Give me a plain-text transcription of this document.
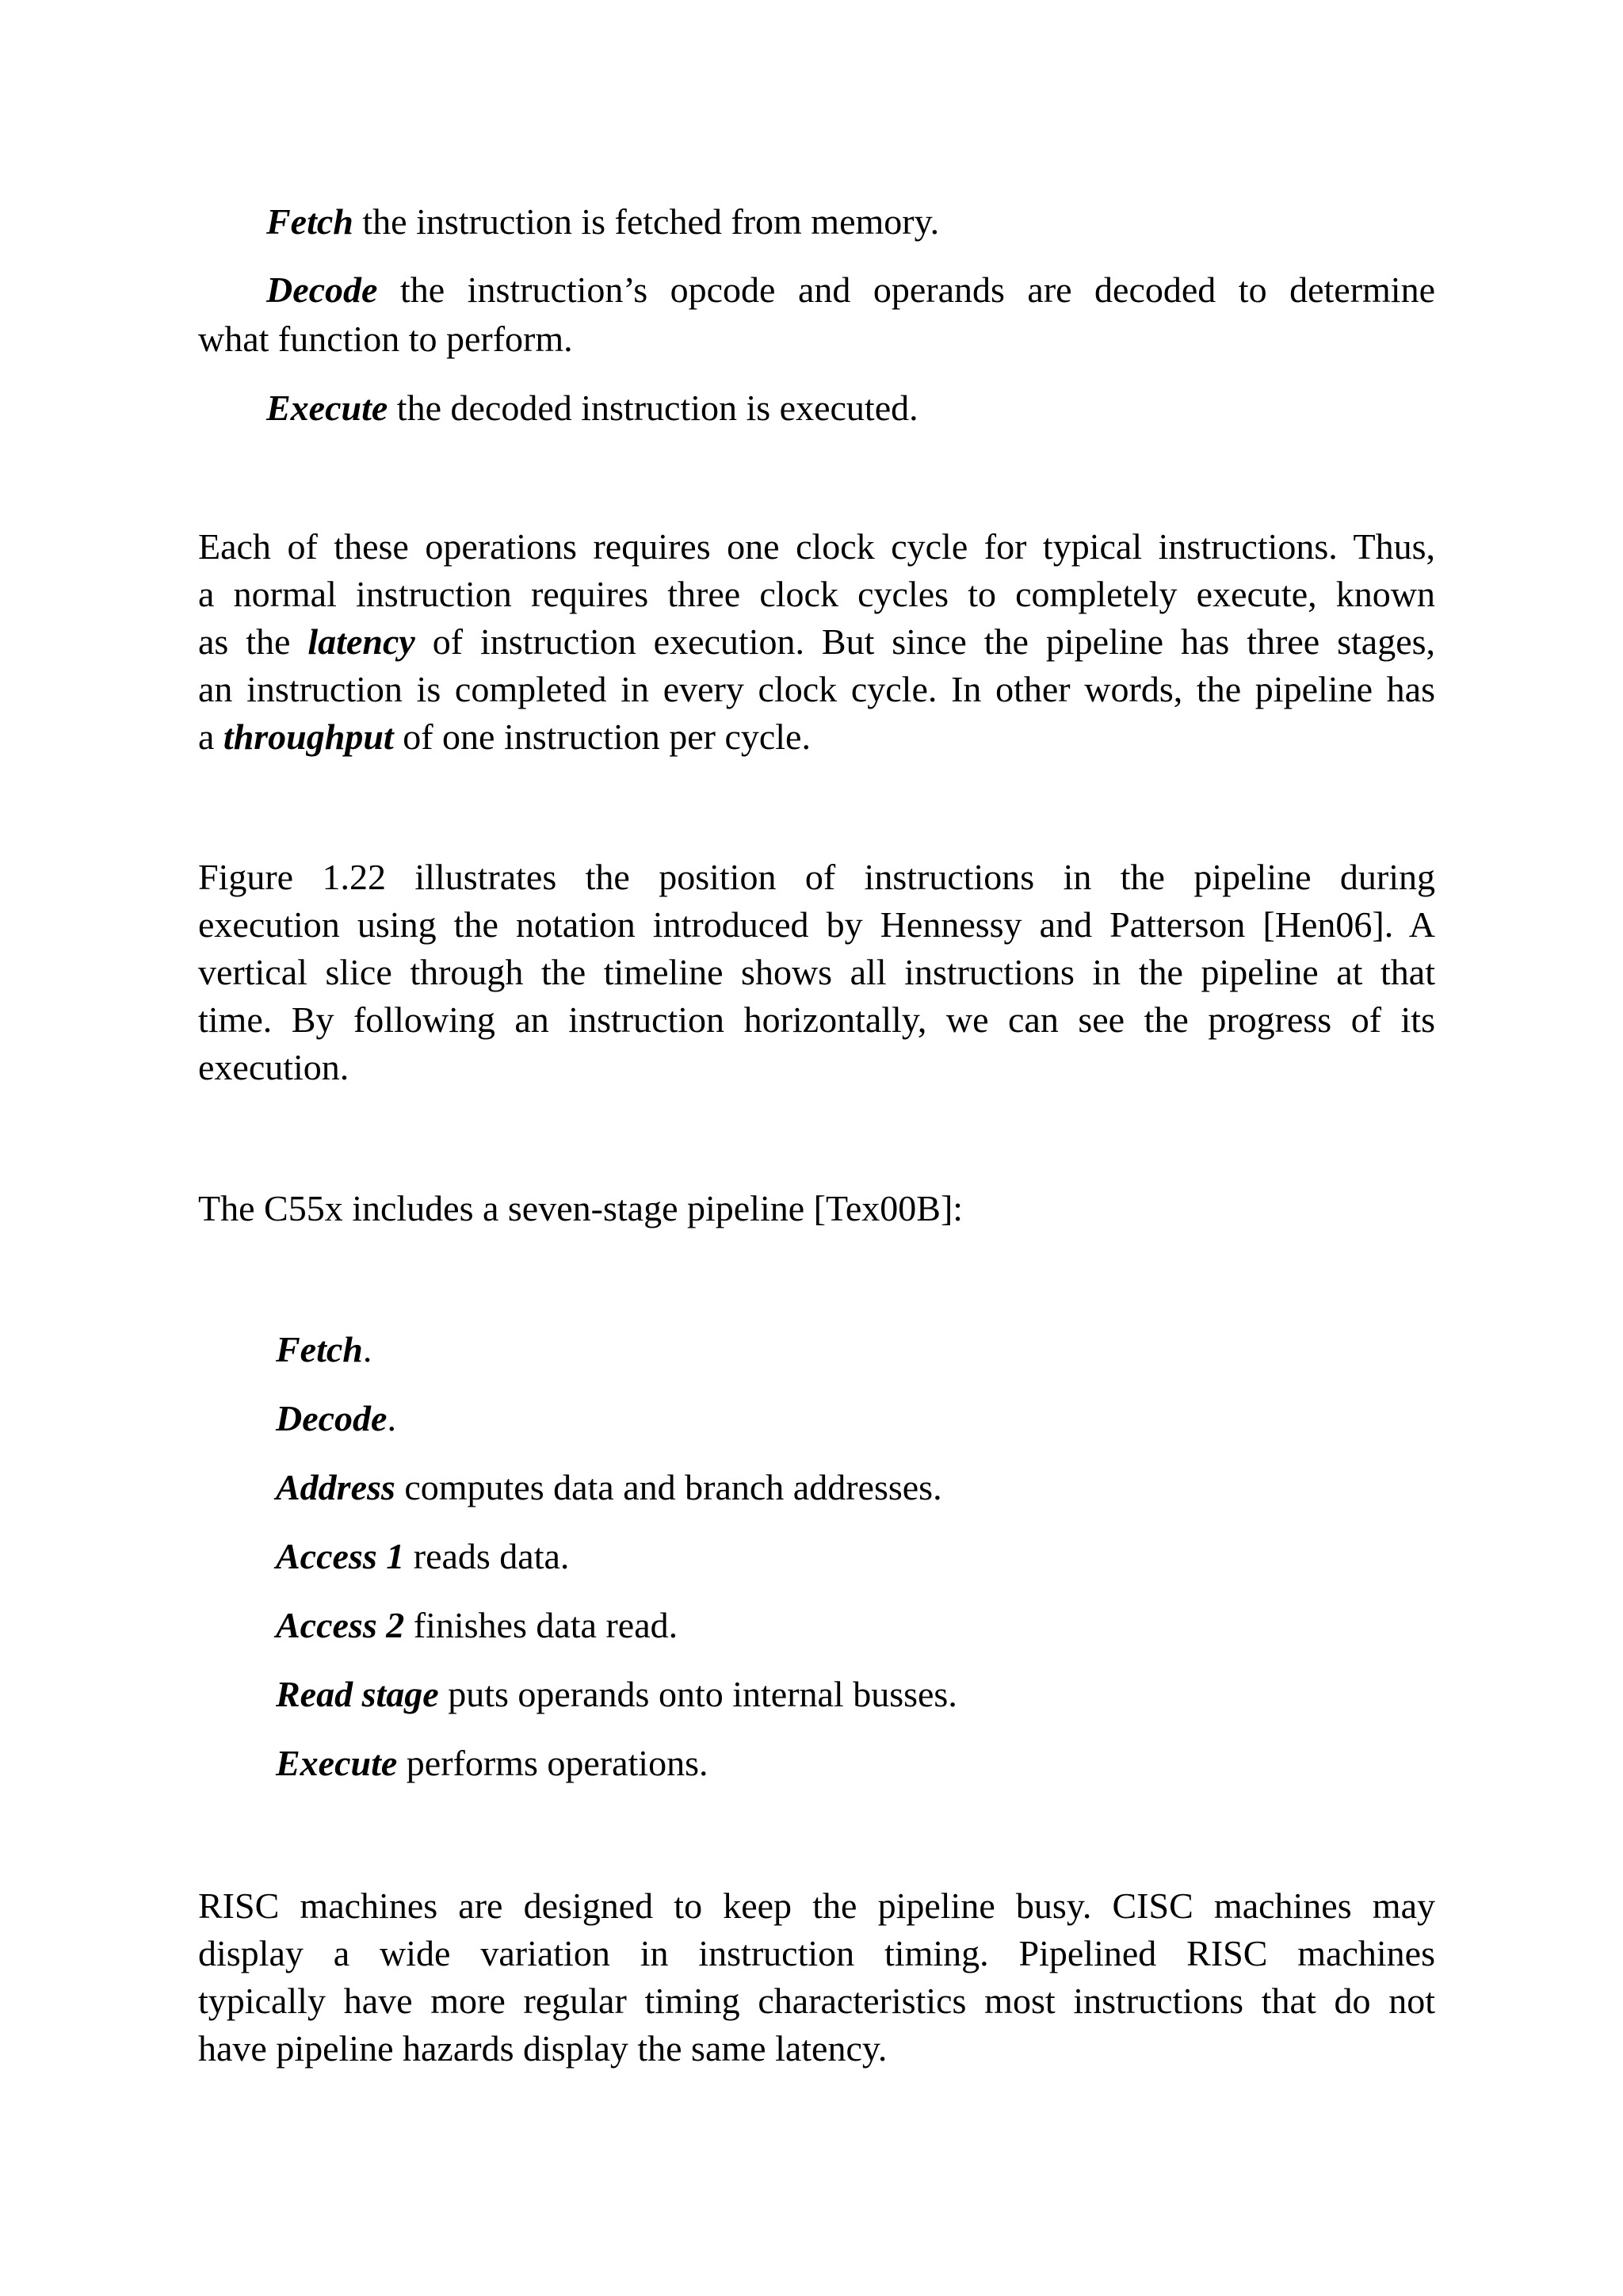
Fetch the instruction is fetched from memory.
Decode the instruction’s opcode and operands are decoded to determine
what function to perform.
Execute the decoded instruction is executed.
Each of these operations requires one clock cycle for typical instructions. Thus,
a normal instruction requires three clock cycles to completely execute, known
as the latency of instruction execution. But since the pipeline has three stages,
an instruction is completed in every clock cycle. In other words, the pipeline has
a throughput of one instruction per cycle.
Figure 1.22 illustrates the position of instructions in the pipeline during
execution using the notation introduced by Hennessy and Patterson [Hen06]. A
vertical slice through the timeline shows all instructions in the pipeline at that
time. By following an instruction horizontally, we can see the progress of its
execution.
The C55x includes a seven-stage pipeline [Tex00B]:
Fetch.
Decode.
Address computes data and branch addresses.
Access 1 reads data.
Access 2 finishes data read.
Read stage puts operands onto internal busses.
Execute performs operations.
RISC machines are designed to keep the pipeline busy. CISC machines may
display a wide variation in instruction timing. Pipelined RISC machines
typically have more regular timing characteristics most instructions that do not
have pipeline hazards display the same latency.
